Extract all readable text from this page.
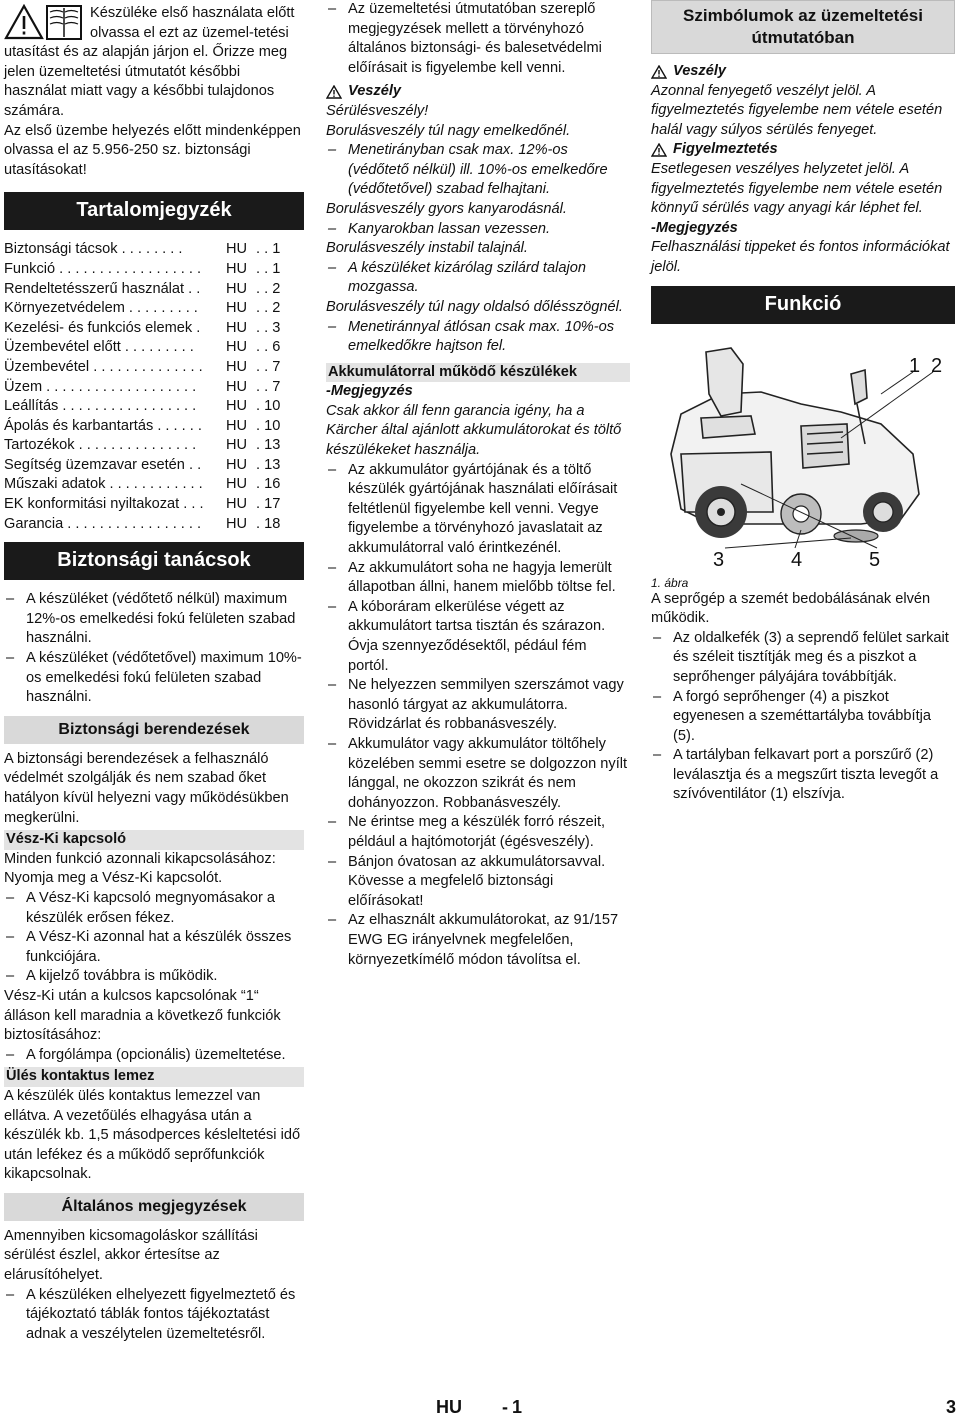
Készüléke első használata előtt olvassa el ezt az üzemel-tetési utasítást és az alapján járjon el. Őrizze meg jelen üzemeltetési útmutatót későbbi használat miatt vagy a későbbi tulajdonos számára.

Az első üzembe helyezés előtt mindenképpen olvassa el az 5.956-250 sz. biztonsági utasításokat!

Tartalomjegyzék
Biztonsági tácsok . . . . . . . .	HU . . 1
Funkció . . . . . . . . . . . . . . . . . .	HU . . 1
Rendeltetésszerű használat . .	HU . . 2
Környezetvédelem . . . . . . . . .	HU . . 2
Kezelési- és funkciós elemek .	HU . . 3
Üzembevétel előtt . . . . . . . . .	HU . . 6
Üzembevétel . . . . . . . . . . . . . .	HU . . 7
Üzem . . . . . . . . . . . . . . . . . . .	HU . . 7
Leállítás . . . . . . . . . . . . . . . . .	HU . 10
Ápolás és karbantartás . . . . . .	HU . 10
Tartozékok . . . . . . . . . . . . . . .	HU . 13
Segítség üzemzavar esetén . .	HU . 13
Műszaki adatok . . . . . . . . . . . .	HU . 16
EK konformitási nyiltakozat . . .	HU . 17
Garancia . . . . . . . . . . . . . . . . .	HU . 18
Biztonsági tanácsok
– A készüléket (védőtető nélkül) maximum 12%-os emelkedési fokú felületen szabad használni.
– A készüléket (védőtetővel) maximum 10%-os emelkedési fokú felületen szabad használni.
Biztonsági berendezések

A biztonsági berendezések a felhasználó védelmét szolgálják és nem szabad őket hatályon kívül helyezni vagy működésükben megkerülni.

Vész-Ki kapcsoló

Minden funkció azonnali kikapcsolásához: Nyomja meg a Vész-Ki kapcsolót.

– A Vész-Ki kapcsoló megnyomásakor a készülék erősen fékez.
– A Vész-Ki azonnal hat a készülék összes funkciójára.
– A kijelző továbbra is működik.

Vész-Ki után a kulcsos kapcsolónak “1“ álláson kell maradnia a következő funkciók biztosításához:

– A forgólámpa (opcionális) üzemeltetése.
Ülés kontaktus lemez

A készülék ülés kontaktus lemezzel van ellátva. A vezetőülés elhagyása után a készülék kb. 1,5 másodperces késleltetési idő után lefékez és a működő seprőfunkciók kikapcsolnak.

Általános megjegyzések

Amennyiben kicsomagoláskor szállítási sérülést észlel, akkor értesítse az elárusítóhelyet.

– A készüléken elhelyezett figyelmeztető és tájékoztató táblák fontos tájékoztatást adnak a veszélytelen üzemeltetésről.
– Az üzemeltetési útmutatóban szereplő megjegyzések mellett a törvényhozó általános biztonsági- és balesetvédelmi előírásait is figyelembe kell venni.
Veszély
Sérülésveszély!
Borulásveszély túl nagy emelkedőnél.
– Menetirányban csak max. 12%-os (védőtető nélkül) ill. 10%-os emelkedőre (védőtetővel) szabad felhajtani.
Borulásveszély gyors kanyarodásnál.
– Kanyarokban lassan vezessen.
Borulásveszély instabil talajnál.
– A készüléket kizárólag szilárd talajon mozgassa.
Borulásveszély túl nagy oldalsó dőlésszögnél.
– Menetiránnyal átlósan csak max. 10%-os emelkedőkre hajtson fel.
Akkumulátorral működő készülékek
-Megjegyzés

Csak akkor áll fenn garancia igény, ha a Kärcher által ajánlott akkumulátorokat és töltő készülékeket használja.

– Az akkumulátor gyártójának és a töltő készülék gyártójának használati előírásait feltétlenül figyelembe kell venni. Vegye figyelembe a törvényhozó javaslatait az akkumulátorral való érintkezénél.
– Az akkumulátort soha ne hagyja lemerült állapotban állni, hanem mielőbb töltse fel.
– A kóboráram elkerülése végett az akkumulátort tartsa tisztán és szárazon. Óvja szennyeződésektől, pédául fém portól.
– Ne helyezzen semmilyen szerszámot vagy hasonló tárgyat az akkumulátorra. Rövidzárlat és robbanásveszély.
– Akkumulátor vagy akkumulátor töltőhely közelében semmi esetre se dolgozzon nyílt lánggal, ne okozzon szikrát és nem dohányozzon. Robbanásveszély.
– Ne érintse meg a készülék forró részeit, például a hajtómotorját (égésveszély).
– Bánjon óvatosan az akkumulátorsavval. Kövesse a megfelelő biztonsági előírásokat!
– Az elhasznált akkumulátorokat, az 91/157 EWG EG irányelvnek megfelelően, környezetkímélő módon távolítsa el.
Szimbólumok az üzemeltetési útmutatóban
Veszély

Azonnal fenyegető veszélyt jelöl. A figyelmeztetés figyelembe nem vétele esetén halál vagy súlyos sérülés fenyeget.

Figyelmeztetés

Esetlegesen veszélyes helyzetet jelöl. A figyelmeztetés figyelembe nem vétele esetén könnyű sérülés vagy anyagi kár léphet fel.

-Megjegyzés

Felhasználási tippeket és fontos információkat jelöl.

Funkció
1 2
3	4	5
1. ábra

A seprőgép a szemét bedobálásának elvén működik.

– Az oldalkefék (3) a seprendő felület sarkait és széleit tisztítják meg és a piszkot a seprőhenger pályájára továbbítják.
– A forgó seprőhenger (4) a piszkot egyenesen a szeméttartályba továbbítja (5).
– A tartályban felkavart port a porszűrő (2) leválasztja és a megszűrt tiszta levegőt a szívóventilátor (1) elszívja.
HU - 1	3
